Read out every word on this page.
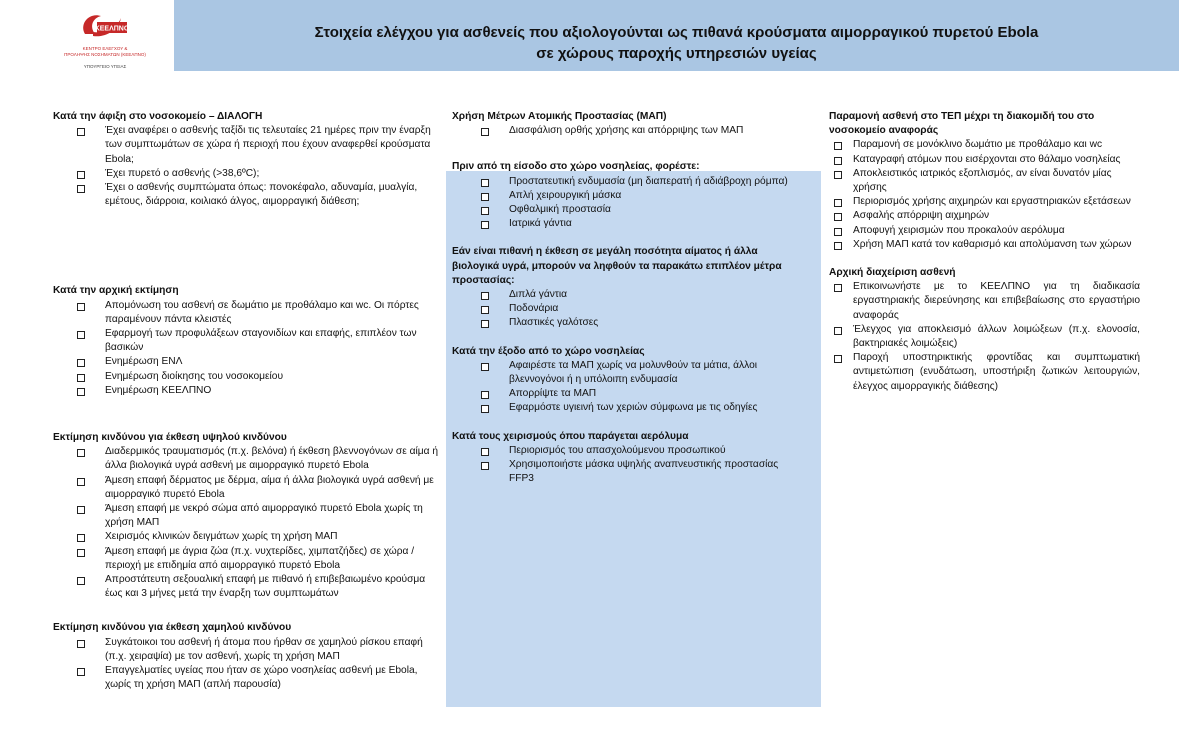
ΚΕΕΛΠΝΟ
ΚΕΝΤΡΟ ΕΛΕΓΧΟΥ &
ΠΡΟΛΗΨΗΣ ΝΟΣΗΜΑΤΩΝ (ΚΕΕΛΠΝΟ)
ΥΠΟΥΡΓΕΙΟ ΥΓΕΙΑΣ
Στοιχεία ελέγχου για ασθενείς που αξιολογούνται ως πιθανά κρούσματα αιμορραγικού πυρετού Ebola
σε χώρους παροχής υπηρεσιών υγείας

Κατά την άφιξη στο νοσοκομείο – ΔΙΑΛΟΓΗ

Έχει αναφέρει ο ασθενής ταξίδι τις τελευταίες 21 ημέρες πριν την έναρξη των συμπτωμάτων σε χώρα ή περιοχή που έχουν αναφερθεί κρούσματα Ebola;
Έχει πυρετό ο ασθενής (>38,6ºC);
Έχει ο ασθενής συμπτώματα όπως: πονοκέφαλο, αδυναμία, μυαλγία, εμέτους, διάρροια, κοιλιακό άλγος, αιμορραγική διάθεση;

Κατά την αρχική εκτίμηση

Απομόνωση του ασθενή σε δωμάτιο με προθάλαμο και wc. Οι πόρτες παραμένουν πάντα κλειστές
Εφαρμογή των προφυλάξεων σταγονιδίων και επαφής, επιπλέον των βασικών
Ενημέρωση ΕΝΛ
Ενημέρωση διοίκησης του νοσοκομείου
Ενημέρωση ΚΕΕΛΠΝΟ

Εκτίμηση κινδύνου για έκθεση υψηλού κινδύνου

Διαδερμικός τραυματισμός (π.χ. βελόνα) ή έκθεση βλεννογόνων σε αίμα ή άλλα βιολογικά υγρά ασθενή με αιμορραγικό πυρετό Ebola
Άμεση επαφή δέρματος με δέρμα, αίμα ή άλλα βιολογικά υγρά ασθενή με αιμορραγικό πυρετό Ebola
Άμεση επαφή με νεκρό σώμα από αιμορραγικό πυρετό Ebola χωρίς τη χρήση ΜΑΠ
Χειρισμός κλινικών δειγμάτων χωρίς τη χρήση ΜΑΠ
Άμεση επαφή με άγρια ζώα (π.χ. νυχτερίδες, χιμπατζήδες) σε χώρα / περιοχή με επιδημία από αιμορραγικό πυρετό Ebola
Απροστάτευτη σεξουαλική επαφή με πιθανό ή επιβεβαιωμένο κρούσμα έως και 3 μήνες μετά την έναρξη των συμπτωμάτων

Εκτίμηση κινδύνου για έκθεση χαμηλού κινδύνου

Συγκάτοικοι του ασθενή ή άτομα που ήρθαν σε χαμηλού ρίσκου επαφή (π.χ. χειραψία) με τον ασθενή, χωρίς τη χρήση ΜΑΠ
Επαγγελματίες υγείας που ήταν σε χώρο νοσηλείας ασθενή με Ebola, χωρίς τη χρήση ΜΑΠ (απλή παρουσία)

Χρήση Μέτρων Ατομικής Προστασίας (ΜΑΠ)

Διασφάλιση ορθής χρήσης και απόρριψης των ΜΑΠ

Πριν από τη είσοδο στο χώρο νοσηλείας, φορέστε:

Προστατευτική ενδυμασία (μη διαπερατή ή αδιάβροχη ρόμπα)
Απλή χειρουργική μάσκα
Οφθαλμική προστασία
Ιατρικά γάντια

Εάν είναι πιθανή η έκθεση σε μεγάλη ποσότητα αίματος ή άλλα βιολογικά υγρά, μπορούν να ληφθούν τα παρακάτω επιπλέον μέτρα προστασίας:

Διπλά γάντια
Ποδονάρια
Πλαστικές γαλότσες

Κατά την έξοδο από το χώρο νοσηλείας

Αφαιρέστε τα ΜΑΠ χωρίς να μολυνθούν τα μάτια, άλλοι βλεννογόνοι ή η υπόλοιπη ενδυμασία
Απορρίψτε τα ΜΑΠ
Εφαρμόστε υγιεινή των χεριών σύμφωνα με τις οδηγίες

Κατά τους χειρισμούς όπου παράγεται αερόλυμα

Περιορισμός του απασχολούμενου προσωπικού
Χρησιμοποιήστε μάσκα υψηλής αναπνευστικής προστασίας FFP3

Παραμονή ασθενή στο ΤΕΠ μέχρι τη διακομιδή του στο νοσοκομείο αναφοράς

Παραμονή σε μονόκλινο δωμάτιο με προθάλαμο και wc
Καταγραφή ατόμων που εισέρχονται στο θάλαμο νοσηλείας
Αποκλειστικός ιατρικός εξοπλισμός, αν είναι δυνατόν μίας χρήσης
Περιορισμός χρήσης αιχμηρών και εργαστηριακών εξετάσεων
Ασφαλής απόρριψη αιχμηρών
Αποφυγή χειρισμών που προκαλούν αερόλυμα
Χρήση ΜΑΠ κατά τον καθαρισμό και απολύμανση των χώρων

Αρχική διαχείριση ασθενή

Επικοινωνήστε με το ΚΕΕΛΠΝΟ για τη διαδικασία εργαστηριακής διερεύνησης και επιβεβαίωσης στο εργαστήριο αναφοράς
Έλεγχος για αποκλεισμό άλλων λοιμώξεων (π.χ. ελονοσία, βακτηριακές λοιμώξεις)
Παροχή υποστηρικτικής φροντίδας και συμπτωματική αντιμετώπιση (ενυδάτωση, υποστήριξη ζωτικών λειτουργιών, έλεγχος αιμορραγικής διάθεσης)
